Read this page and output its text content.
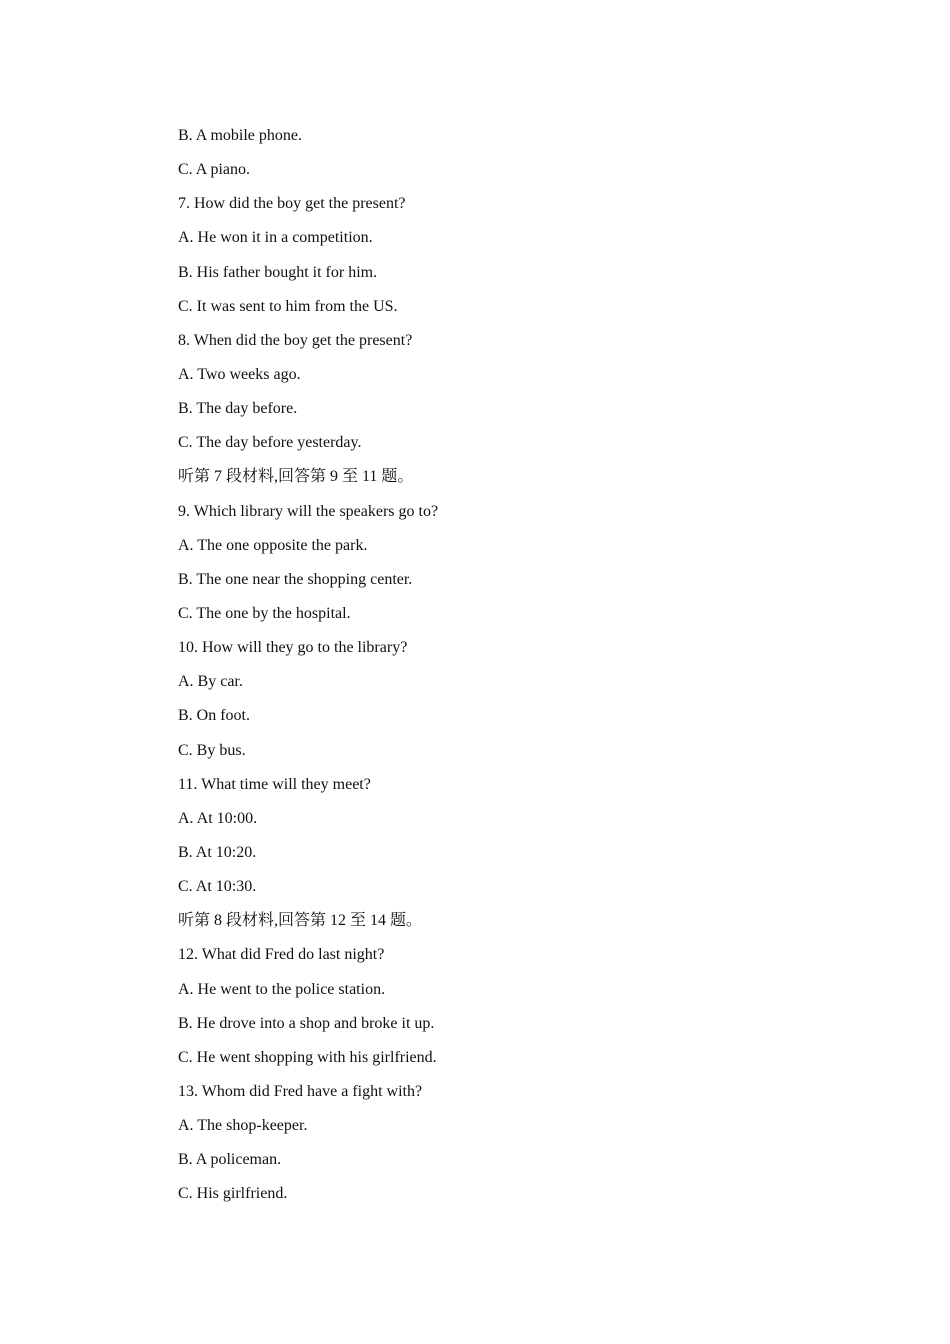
B. A mobile phone.
C. A piano.
7. How did the boy get the present?
A. He won it in a competition.
B. His father bought it for him.
C. It was sent to him from the US.
8. When did the boy get the present?
A. Two weeks ago.
B. The day before.
C. The day before yesterday.
听第 7 段材料,回答第 9 至 11 题。
9. Which library will the speakers go to?
A. The one opposite the park.
B. The one near the shopping center.
C. The one by the hospital.
10. How will they go to the library?
A. By car.
B. On foot.
C. By bus.
11. What time will they meet?
A. At 10:00.
B. At 10:20.
C. At 10:30.
听第 8 段材料,回答第 12 至 14 题。
12. What did Fred do last night?
A. He went to the police station.
B. He drove into a shop and broke it up.
C. He went shopping with his girlfriend.
13. Whom did Fred have a fight with?
A. The shop-keeper.
B. A policeman.
C. His girlfriend.
